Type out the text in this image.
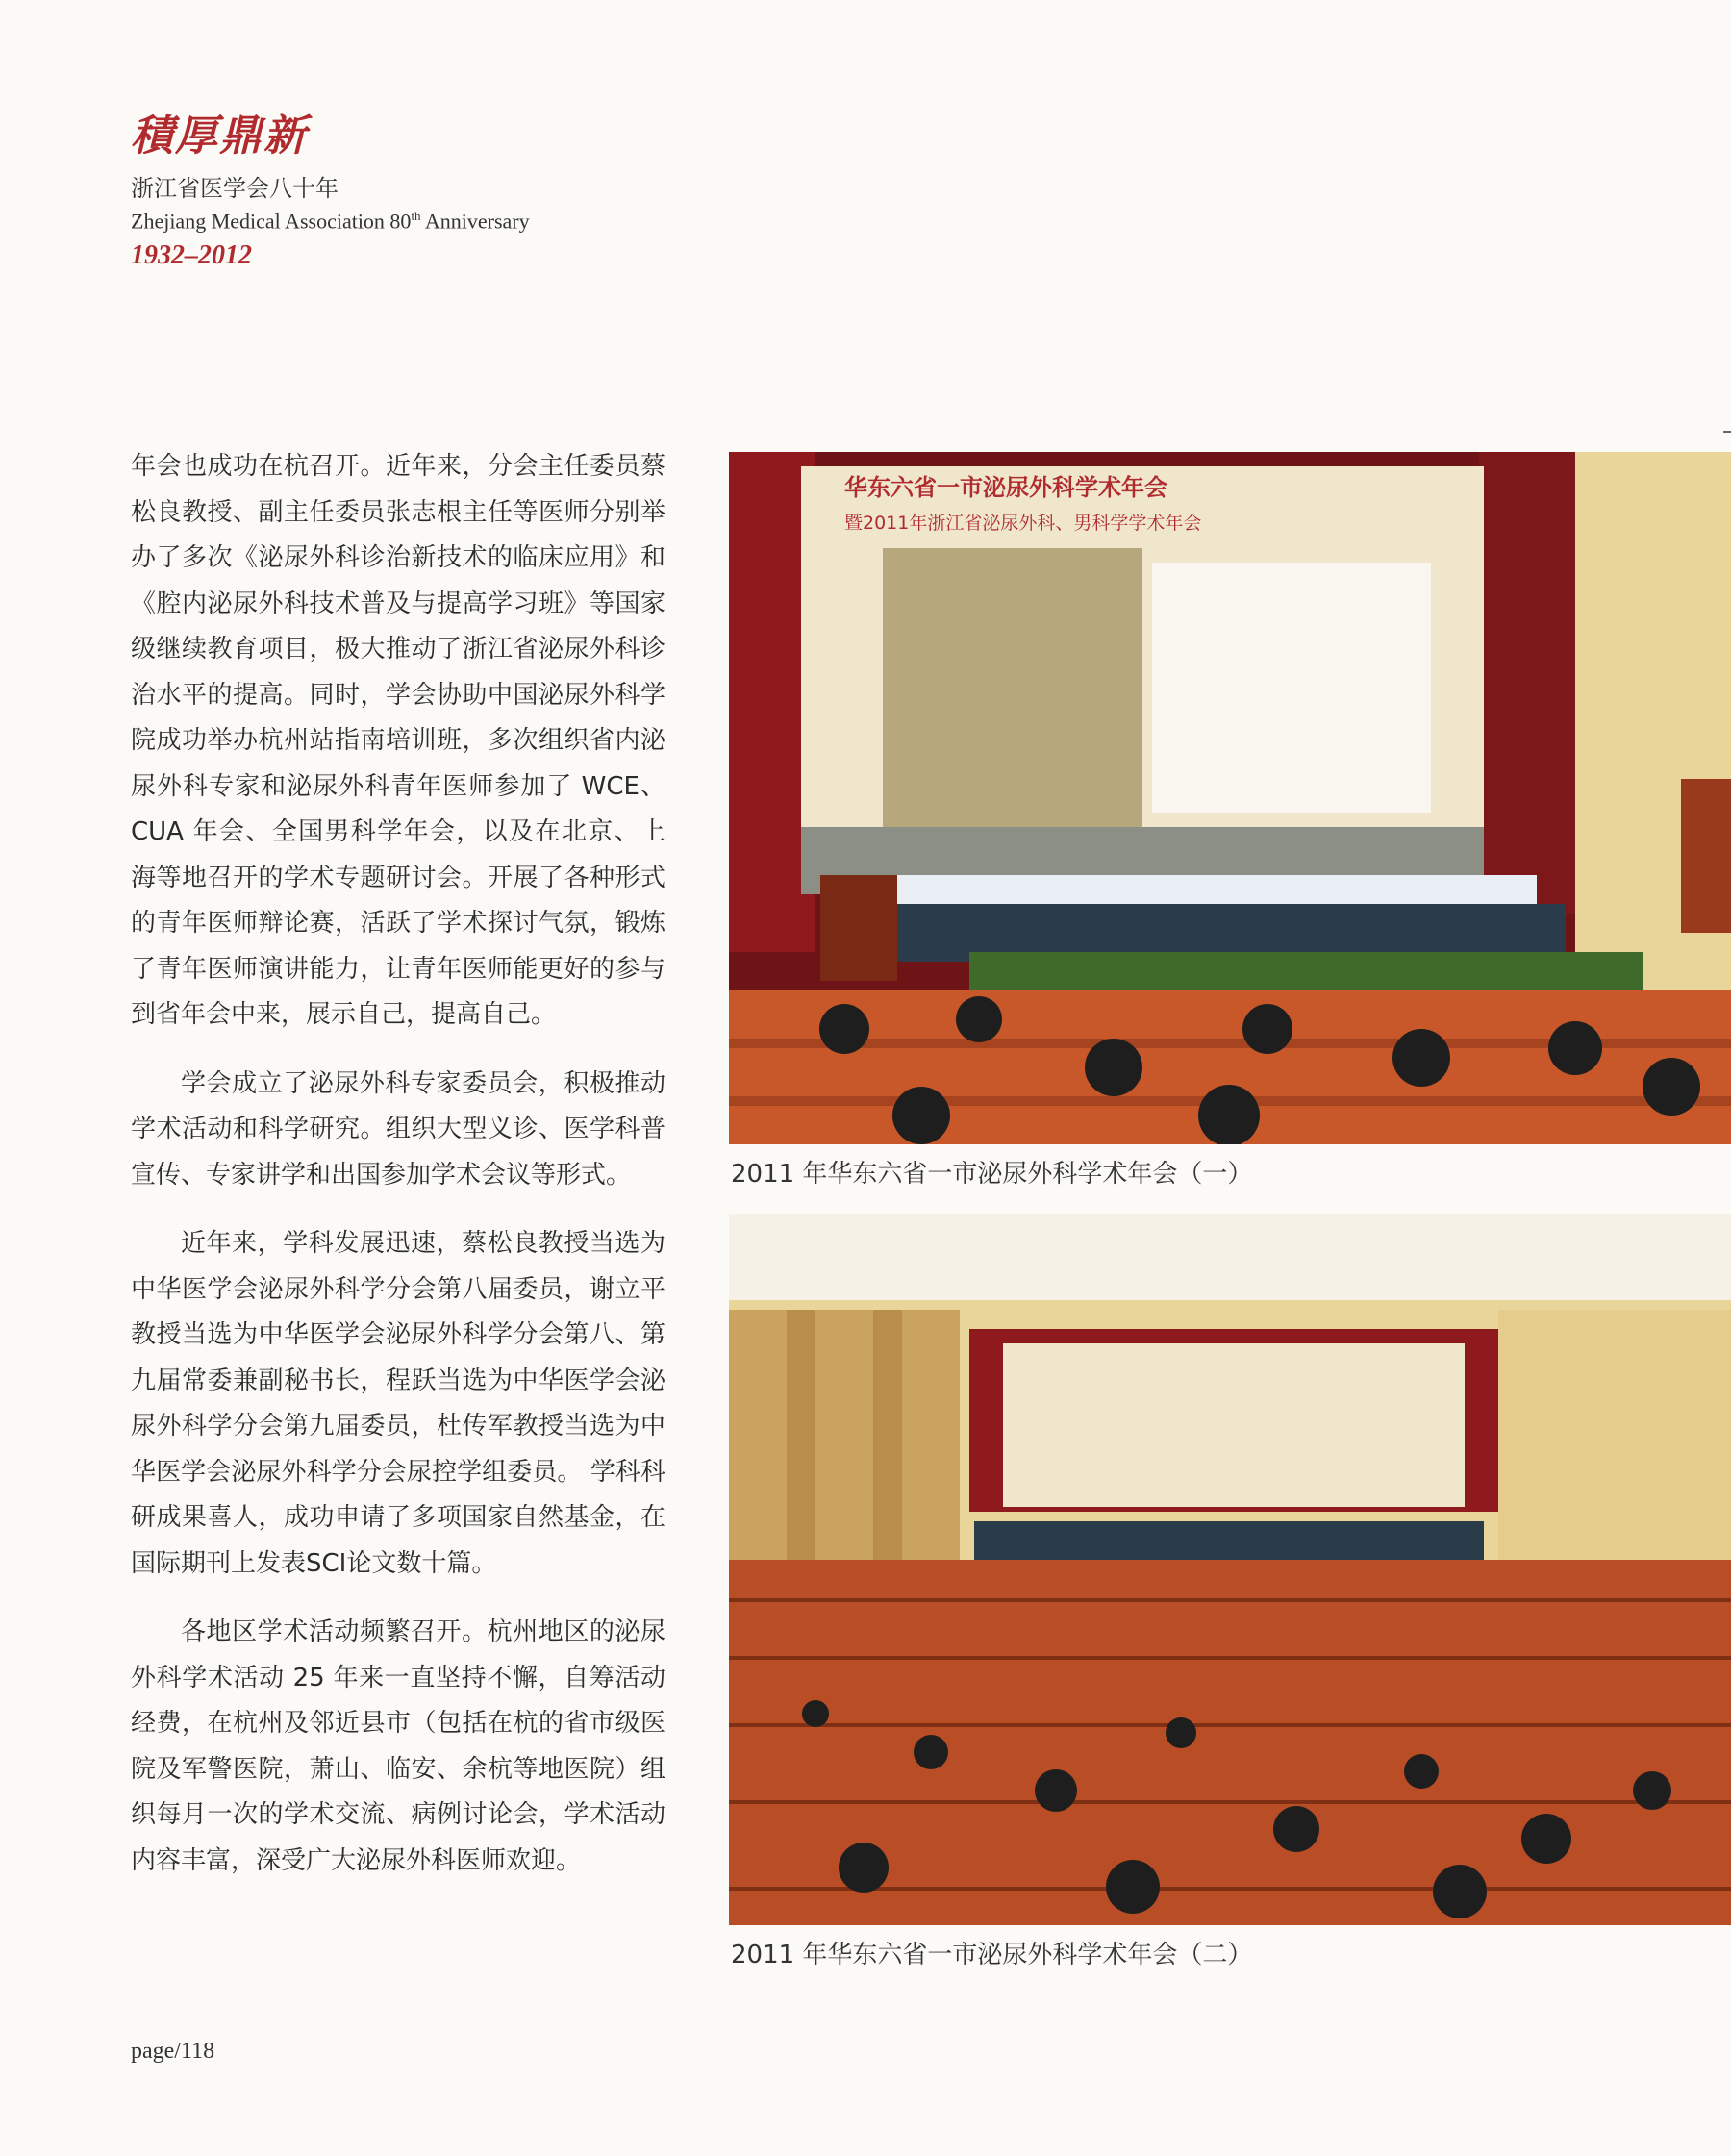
積厚鼎新
浙江省医学会八十年
Zhejiang Medical Association 80th Anniversary
1932–2012

年会也成功在杭召开。近年来，分会主任委员蔡松良教授、副主任委员张志根主任等医师分别举办了多次《泌尿外科诊治新技术的临床应用》和《腔内泌尿外科技术普及与提高学习班》等国家级继续教育项目，极大推动了浙江省泌尿外科诊治水平的提高。同时，学会协助中国泌尿外科学院成功举办杭州站指南培训班，多次组织省内泌尿外科专家和泌尿外科青年医师参加了 WCE、CUA 年会、全国男科学年会，以及在北京、上海等地召开的学术专题研讨会。开展了各种形式的青年医师辩论赛，活跃了学术探讨气氛，锻炼了青年医师演讲能力，让青年医师能更好的参与到省年会中来，展示自己，提高自己。

学会成立了泌尿外科专家委员会，积极推动学术活动和科学研究。组织大型义诊、医学科普宣传、专家讲学和出国参加学术会议等形式。

近年来，学科发展迅速，蔡松良教授当选为中华医学会泌尿外科学分会第八届委员，谢立平教授当选为中华医学会泌尿外科学分会第八、第九届常委兼副秘书长，程跃当选为中华医学会泌尿外科学分会第九届委员，杜传军教授当选为中华医学会泌尿外科学分会尿控学组委员。 学科科研成果喜人，成功申请了多项国家自然基金，在国际期刊上发表SCI论文数十篇。

各地区学术活动频繁召开。杭州地区的泌尿外科学术活动 25 年来一直坚持不懈，自筹活动经费，在杭州及邻近县市（包括在杭的省市级医院及军警医院，萧山、临安、余杭等地医院）组织每月一次的学术交流、病例讨论会，学术活动内容丰富，深受广大泌尿外科医师欢迎。

华东六省一市泌尿外科学术年会
暨2011年浙江省泌尿外科、男科学学术年会
2011 年华东六省一市泌尿外科学术年会（一）
2011 年华东六省一市泌尿外科学术年会（二）
page/118
